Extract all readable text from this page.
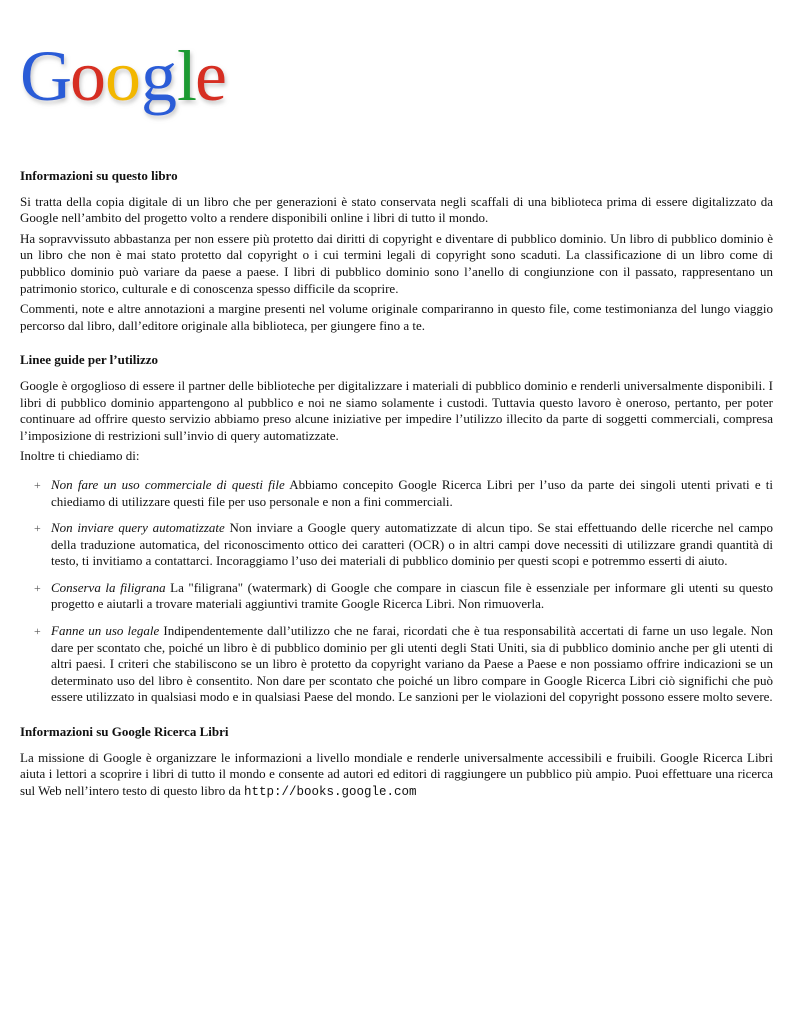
G
o o g l
e
Informazioni su questo libro

Si tratta della copia digitale di un libro che per generazioni è stato conservata negli scaffali di una biblioteca prima di essere digitalizzato da Google nell’ambito del progetto volto a rendere disponibili online i libri di tutto il mondo.

Ha sopravvissuto abbastanza per non essere più protetto dai diritti di copyright e diventare di pubblico dominio. Un libro di pubblico dominio è un libro che non è mai stato protetto dal copyright o i cui termini legali di copyright sono scaduti. La classificazione di un libro come di pubblico dominio può variare da paese a paese. I libri di pubblico dominio sono l’anello di congiunzione con il passato, rappresentano un patrimonio storico, culturale e di conoscenza spesso difficile da scoprire.

Commenti, note e altre annotazioni a margine presenti nel volume originale compariranno in questo file, come testimonianza del lungo viaggio percorso dal libro, dall’editore originale alla biblioteca, per giungere fino a te.

Linee guide per l’utilizzo

Google è orgoglioso di essere il partner delle biblioteche per digitalizzare i materiali di pubblico dominio e renderli universalmente disponibili. I libri di pubblico dominio appartengono al pubblico e noi ne siamo solamente i custodi. Tuttavia questo lavoro è oneroso, pertanto, per poter continuare ad offrire questo servizio abbiamo preso alcune iniziative per impedire l’utilizzo illecito da parte di soggetti commerciali, compresa l’imposizione di restrizioni sull’invio di query automatizzate.

Inoltre ti chiediamo di:

+ Non fare un uso commerciale di questi file Abbiamo concepito Google Ricerca Libri per l’uso da parte dei singoli utenti privati e ti chiediamo di utilizzare questi file per uso personale e non a fini commerciali.
+ Non inviare query automatizzate Non inviare a Google query automatizzate di alcun tipo. Se stai effettuando delle ricerche nel campo della traduzione automatica, del riconoscimento ottico dei caratteri (OCR) o in altri campi dove necessiti di utilizzare grandi quantità di testo, ti invitiamo a contattarci. Incoraggiamo l’uso dei materiali di pubblico dominio per questi scopi e potremmo esserti di aiuto.
+ Conserva la filigrana La "filigrana" (watermark) di Google che compare in ciascun file è essenziale per informare gli utenti su questo progetto e aiutarli a trovare materiali aggiuntivi tramite Google Ricerca Libri. Non rimuoverla.
+ Fanne un uso legale Indipendentemente dall’utilizzo che ne farai, ricordati che è tua responsabilità accertati di farne un uso legale. Non dare per scontato che, poiché un libro è di pubblico dominio per gli utenti degli Stati Uniti, sia di pubblico dominio anche per gli utenti di altri paesi. I criteri che stabiliscono se un libro è protetto da copyright variano da Paese a Paese e non possiamo offrire indicazioni se un determinato uso del libro è consentito. Non dare per scontato che poiché un libro compare in Google Ricerca Libri ciò significhi che può essere utilizzato in qualsiasi modo e in qualsiasi Paese del mondo. Le sanzioni per le violazioni del copyright possono essere molto severe.
Informazioni su Google Ricerca Libri

La missione di Google è organizzare le informazioni a livello mondiale e renderle universalmente accessibili e fruibili. Google Ricerca Libri aiuta i lettori a scoprire i libri di tutto il mondo e consente ad autori ed editori di raggiungere un pubblico più ampio. Puoi effettuare una ricerca sul Web nell’intero testo di questo libro da http://books.google.com
